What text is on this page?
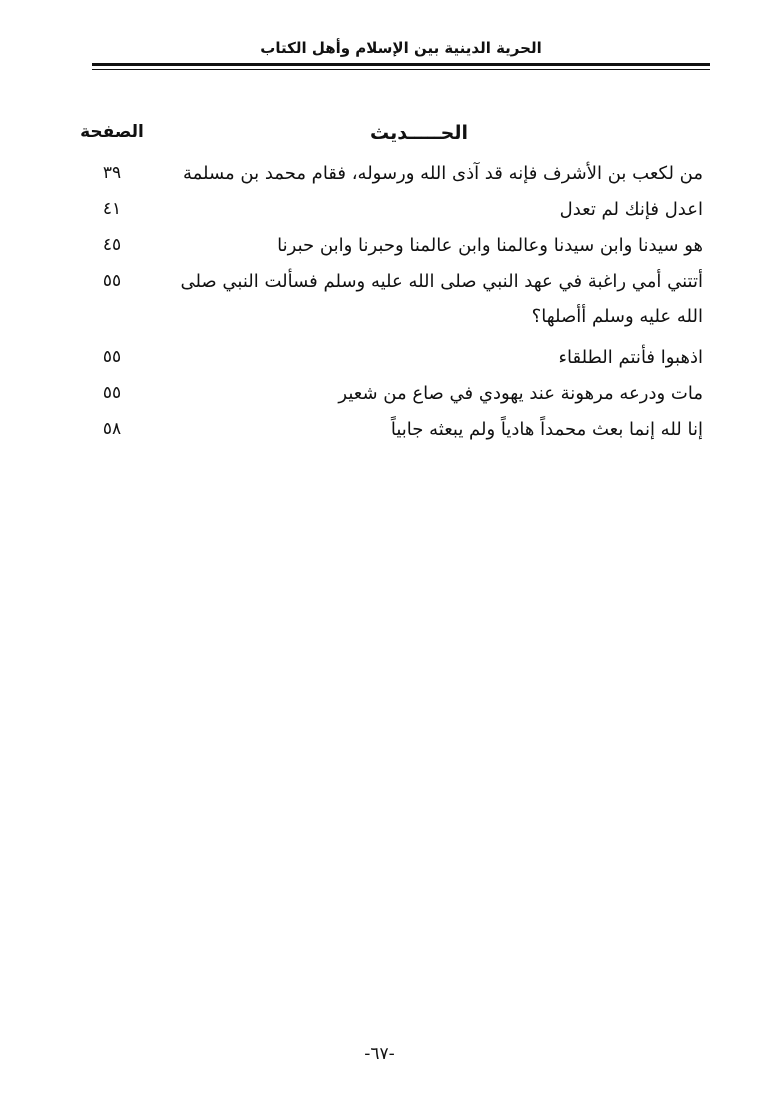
الحرية الدينية بين الإسلام وأهل الكتاب
الحـــــديث
الصفحة
من لكعب بن الأشرف فإنه قد آذى الله ورسوله، فقام محمد بن مسلمة
٣٩
اعدل فإنك لم تعدل
٤١
هو سيدنا وابن سيدنا وعالمنا وابن عالمنا وحبرنا وابن حبرنا
٤٥
أتتني أمي راغبة في عهد النبي صلى الله عليه وسلم فسألت النبي صلى الله عليه وسلم أأصلها؟
٥٥
اذهبوا فأنتم الطلقاء
٥٥
مات ودرعه مرهونة عند يهودي في صاع من شعير
٥٥
إنا لله إنما بعث محمداً هادياً ولم يبعثه جابياً
٥٨
-٦٧-
